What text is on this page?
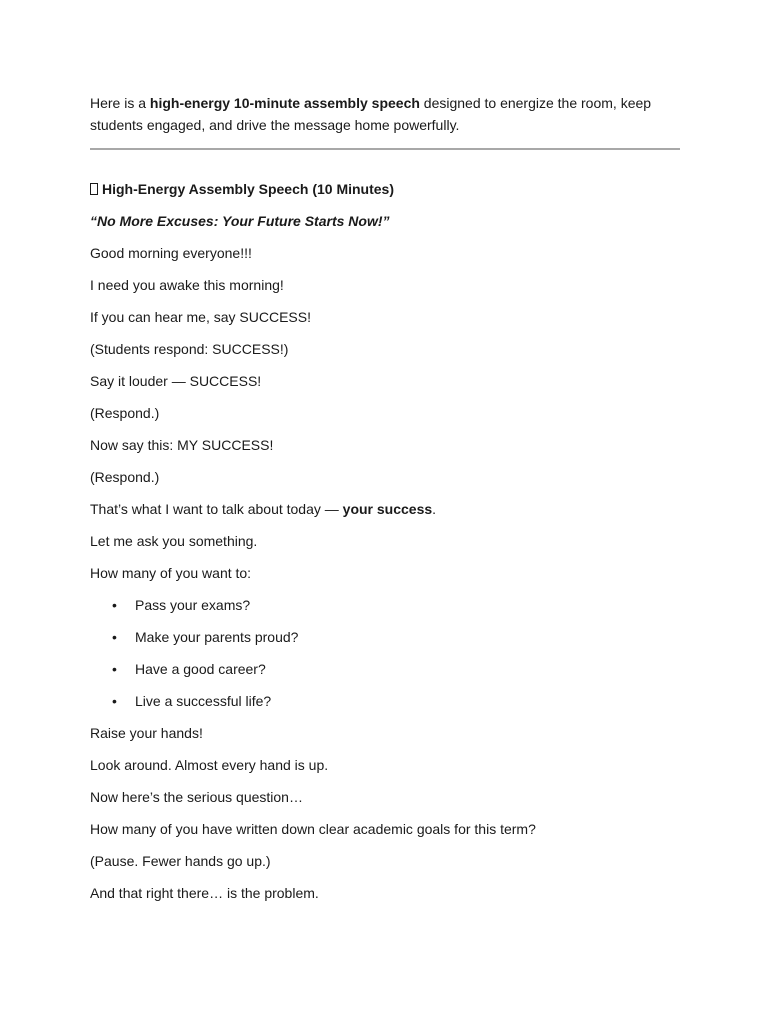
Here is a high-energy 10-minute assembly speech designed to energize the room, keep students engaged, and drive the message home powerfully.

High-Energy Assembly Speech (10 Minutes)
“No More Excuses: Your Future Starts Now!”

Good morning everyone!!!

I need you awake this morning!

If you can hear me, say SUCCESS!

(Students respond: SUCCESS!)

Say it louder — SUCCESS!

(Respond.)

Now say this: MY SUCCESS!

(Respond.)

That’s what I want to talk about today — your success.

Let me ask you something.

How many of you want to:

• Pass your exams?
• Make your parents proud?
• Have a good career?
• Live a successful life?

Raise your hands!

Look around. Almost every hand is up.

Now here’s the serious question…

How many of you have written down clear academic goals for this term?

(Pause. Fewer hands go up.)

And that right there… is the problem.
